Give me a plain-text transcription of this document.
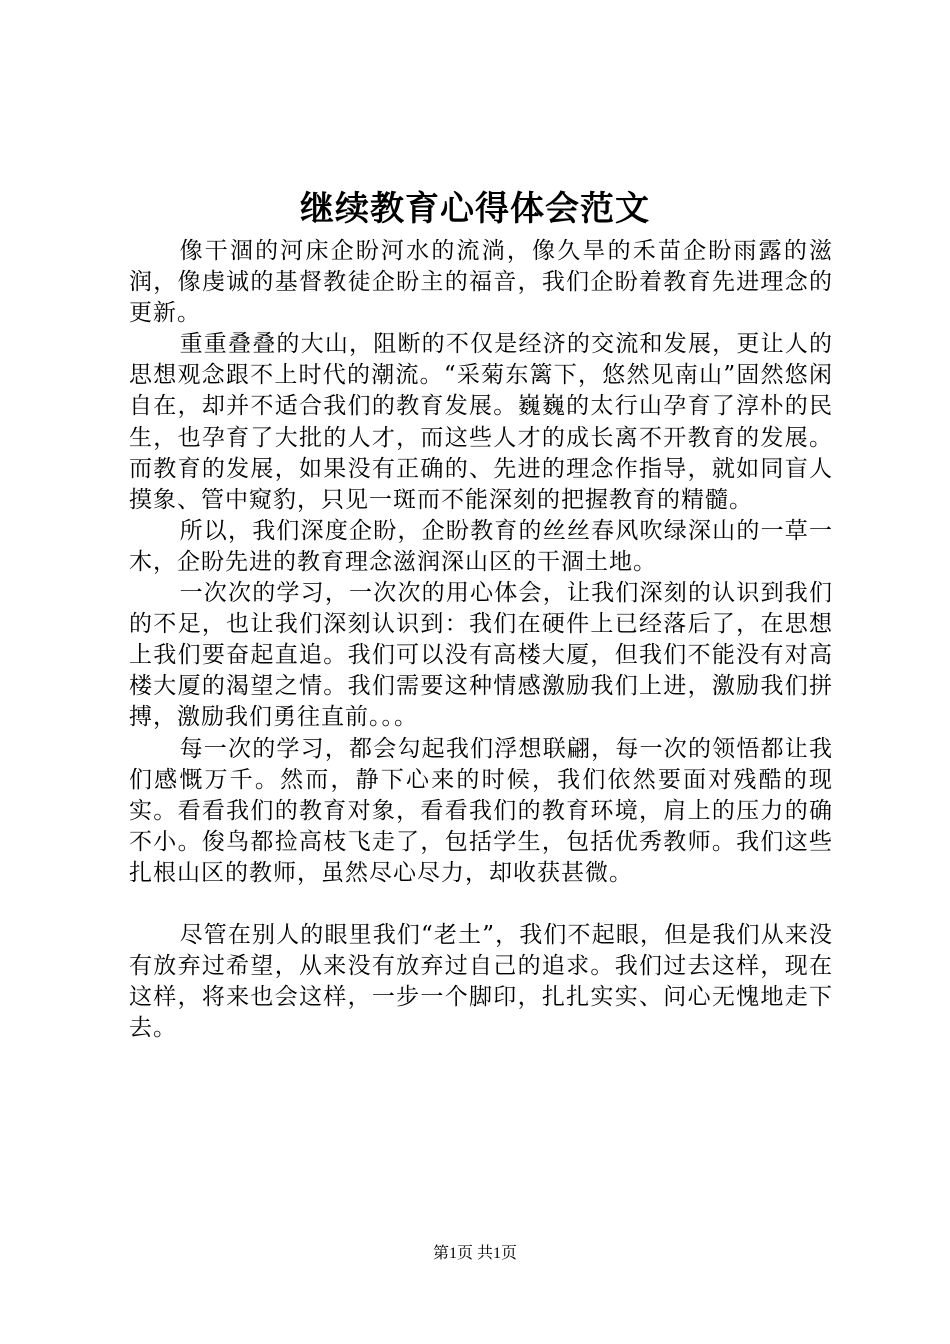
继续教育心得体会范文

像干涸的河床企盼河水的流淌，像久旱的禾苗企盼雨露的滋润，像虔诚的基督教徒企盼主的福音，我们企盼着教育先进理念的更新。

重重叠叠的大山，阻断的不仅是经济的交流和发展，更让人的思想观念跟不上时代的潮流。“采菊东篱下，悠然见南山”固然悠闲自在，却并不适合我们的教育发展。巍巍的太行山孕育了淳朴的民生，也孕育了大批的人才，而这些人才的成长离不开教育的发展。而教育的发展，如果没有正确的、先进的理念作指导，就如同盲人摸象、管中窥豹，只见一斑而不能深刻的把握教育的精髓。

所以，我们深度企盼，企盼教育的丝丝春风吹绿深山的一草一木，企盼先进的教育理念滋润深山区的干涸土地。

一次次的学习，一次次的用心体会，让我们深刻的认识到我们的不足，也让我们深刻认识到：我们在硬件上已经落后了，在思想上我们要奋起直追。我们可以没有高楼大厦，但我们不能没有对高楼大厦的渴望之情。我们需要这种情感激励我们上进，激励我们拼搏，激励我们勇往直前。。。

每一次的学习，都会勾起我们浮想联翩，每一次的领悟都让我们感慨万千。然而，静下心来的时候，我们依然要面对残酷的现实。看看我们的教育对象，看看我们的教育环境，肩上的压力的确不小。俊鸟都捡高枝飞走了，包括学生，包括优秀教师。我们这些扎根山区的教师，虽然尽心尽力，却收获甚微。

尽管在别人的眼里我们“老土”，我们不起眼，但是我们从来没有放弃过希望，从来没有放弃过自己的追求。我们过去这样，现在这样，将来也会这样，一步一个脚印，扎扎实实、问心无愧地走下去。

第1页 共1页
